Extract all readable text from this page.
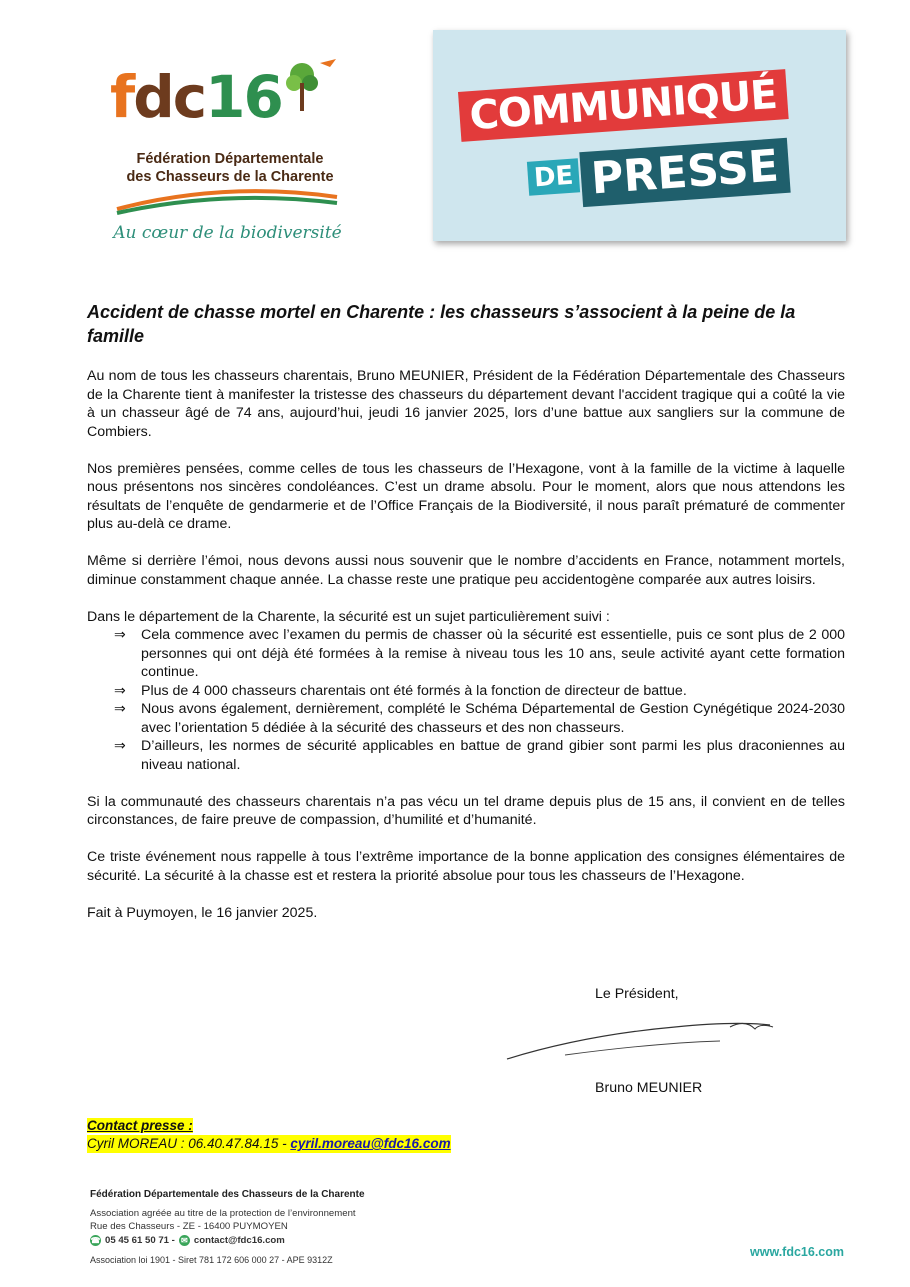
fdc16
Fédération Départementale
des Chasseurs de la Charente
Au cœur de la biodiversité
COMMUNIQUÉ
DE PRESSE
Accident de chasse mortel en Charente : les chasseurs s’associent à la peine de la famille

Au nom de tous les chasseurs charentais, Bruno MEUNIER, Président de la Fédération Départementale des Chasseurs de la Charente tient à manifester la tristesse des chasseurs du département devant l'accident tragique qui a coûté la vie à un chasseur âgé de 74 ans, aujourd’hui, jeudi 16 janvier 2025, lors d’une battue aux sangliers sur la commune de Combiers.

Nos premières pensées, comme celles de tous les chasseurs de l’Hexagone, vont à la famille de la victime à laquelle nous présentons nos sincères condoléances. C’est un drame absolu. Pour le moment, alors que nous attendons les résultats de l’enquête de gendarmerie et de l’Office Français de la Biodiversité, il nous paraît prématuré de commenter plus au-delà ce drame.

Même si derrière l’émoi, nous devons aussi nous souvenir que le nombre d’accidents en France, notamment mortels, diminue constamment chaque année. La chasse reste une pratique peu accidentogène comparée aux autres loisirs.

Dans le département de la Charente, la sécurité est un sujet particulièrement suivi :
⇒ Cela commence avec l’examen du permis de chasser où la sécurité est essentielle, puis ce sont plus de 2 000 personnes qui ont déjà été formées à la remise à niveau tous les 10 ans, seule activité ayant cette formation continue.
⇒ Plus de 4 000 chasseurs charentais ont été formés à la fonction de directeur de battue.
⇒ Nous avons également, dernièrement, complété le Schéma Départemental de Gestion Cynégétique 2024-2030 avec l’orientation 5 dédiée à la sécurité des chasseurs et des non chasseurs.
⇒ D’ailleurs, les normes de sécurité applicables en battue de grand gibier sont parmi les plus draconiennes au niveau national.

Si la communauté des chasseurs charentais n’a pas vécu un tel drame depuis plus de 15 ans, il convient en de telles circonstances, de faire preuve de compassion, d’humilité et d’humanité.

Ce triste événement nous rappelle à tous l’extrême importance de la bonne application des consignes élémentaires de sécurité. La sécurité à la chasse est et restera la priorité absolue pour tous les chasseurs de l’Hexagone.

Fait à Puymoyen, le 16 janvier 2025.

Le Président,
Bruno MEUNIER
Contact presse :
Cyril MOREAU : 06.40.47.84.15 - cyril.moreau@fdc16.com
Fédération Départementale des Chasseurs de la Charente
Association agréée au titre de la protection de l’environnement
Rue des Chasseurs - ZE - 16400 PUYMOYEN
☎ 05 45 61 50 71 - ✉ contact@fdc16.com
Association loi 1901 - Siret 781 172 606 000 27 - APE 9312Z
www.fdc16.com
